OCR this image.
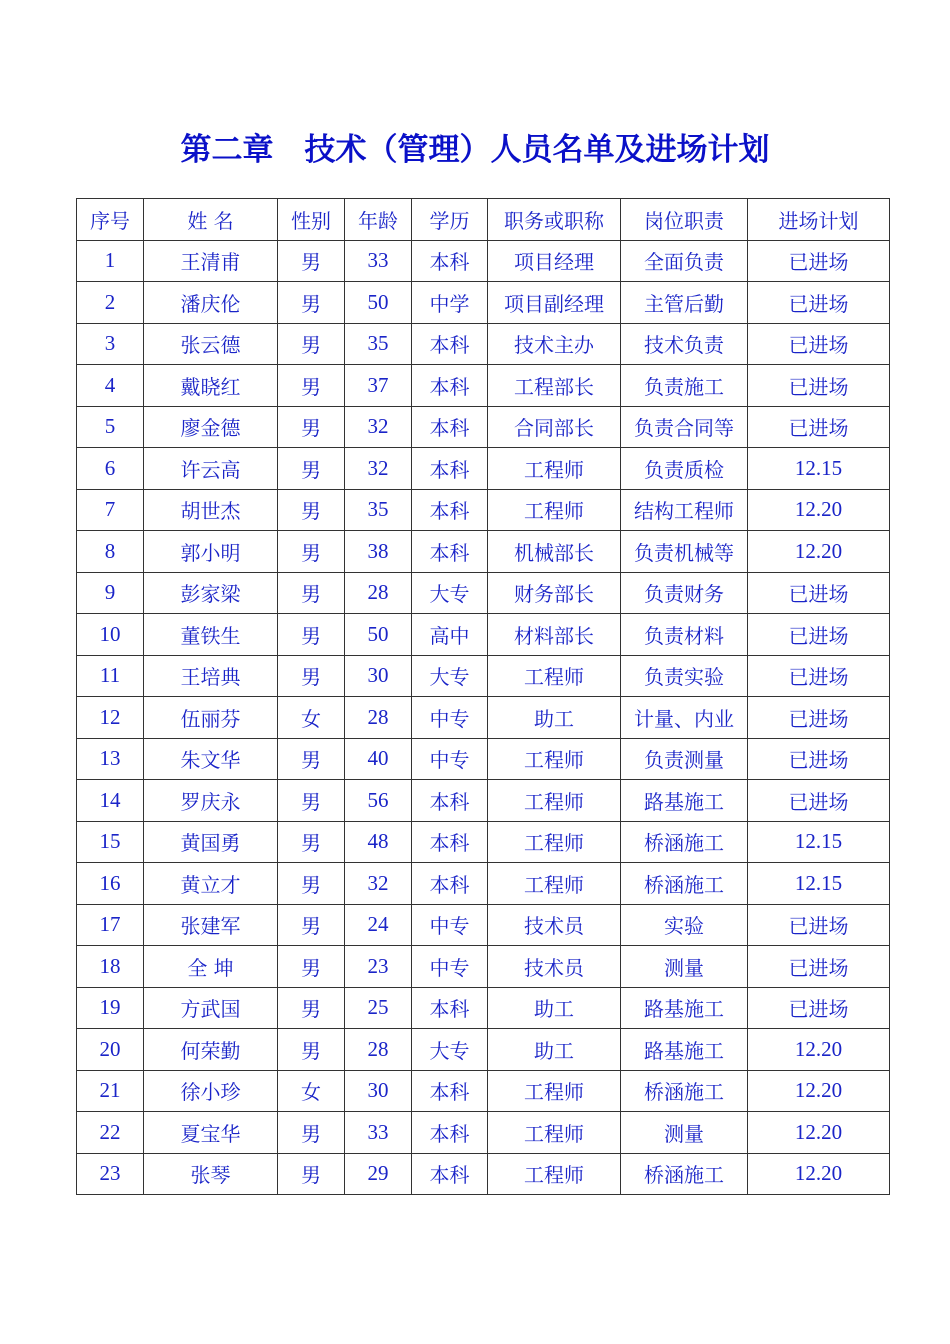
第二章　技术（管理）人员名单及进场计划
序号	姓 名	性别	年龄	学历	职务或职称	岗位职责	进场计划
1	王清甫	男	33	本科	项目经理	全面负责	已进场
2	潘庆伦	男	50	中学	项目副经理	主管后勤	已进场
3	张云德	男	35	本科	技术主办	技术负责	已进场
4	戴晓红	男	37	本科	工程部长	负责施工	已进场
5	廖金德	男	32	本科	合同部长	负责合同等	已进场
6	许云高	男	32	本科	工程师	负责质检	12.15
7	胡世杰	男	35	本科	工程师	结构工程师	12.20
8	郭小明	男	38	本科	机械部长	负责机械等	12.20
9	彭家梁	男	28	大专	财务部长	负责财务	已进场
10	董铁生	男	50	高中	材料部长	负责材料	已进场
11	王培典	男	30	大专	工程师	负责实验	已进场
12	伍丽芬	女	28	中专	助工	计量、内业	已进场
13	朱文华	男	40	中专	工程师	负责测量	已进场
14	罗庆永	男	56	本科	工程师	路基施工	已进场
15	黄国勇	男	48	本科	工程师	桥涵施工	12.15
16	黄立才	男	32	本科	工程师	桥涵施工	12.15
17	张建军	男	24	中专	技术员	实验	已进场
18	全 坤	男	23	中专	技术员	测量	已进场
19	方武国	男	25	本科	助工	路基施工	已进场
20	何荣勤	男	28	大专	助工	路基施工	12.20
21	徐小珍	女	30	本科	工程师	桥涵施工	12.20
22	夏宝华	男	33	本科	工程师	测量	12.20
23	张琴	男	29	本科	工程师	桥涵施工	12.20
